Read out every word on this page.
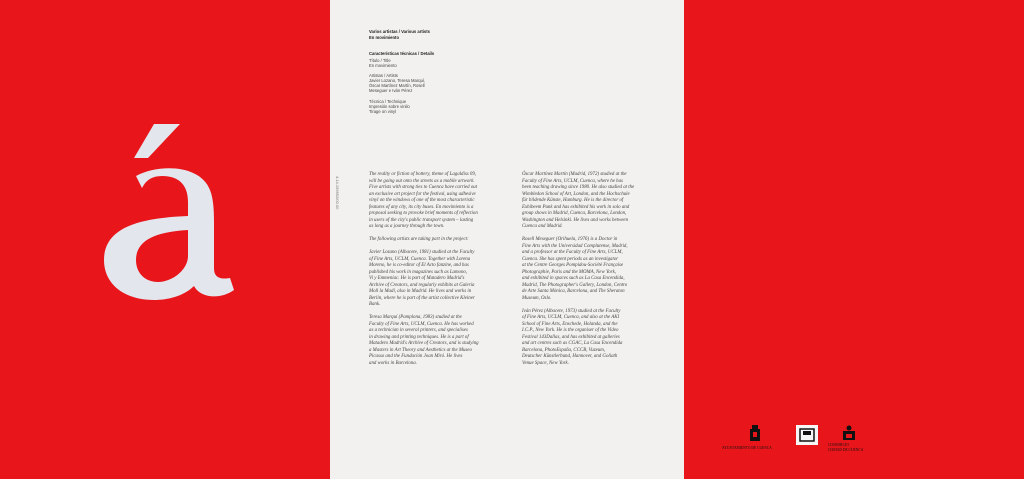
Varios artistas / Various artists
En movimiento
Características técnicas / Details
Título / Title
En movimiento
Artistas / Artists
Javier Lozano, Teresa Marquí,
Óscar Martínez Martín, Rosell
Meseguer e Iván Pérez
Técnica / Technique
Impresión sobre vinilo
Tirage on vinyl
The reality or fiction of bottery, theme of Lagaldiss 09,
will be going out onto the streets as a mobile artwork.
Five artists with strong ties to Cuenca have carried out
an exclusive art project for the festival, using adhesive
vinyl on the windows of one of the most characteristic
features of any city, its city buses. En movimiento is a
proposal seeking to provoke brief moments of reflection
in users of the city's public transport system – lasting
as long as a journey through the town.
The following artists are taking part in the project:
Javier Lozano (Albacete, 1981) studied at the Faculty
of Fine Arts, UCLM, Cuenca. Together with Lorena
Moreno, he is co-editor of El Acto fanzine, and has
published his work in magazines such as Lamono,
Vi y Emmeniac. He is part of Matadero Madrid's
Archive of Creators, and regularly exhibits at Galería
Moll la Madi, also in Madrid. He lives and works in
Berlin, where he is part of the artist collective Kleiner
Bank.
Teresa Marquí (Pamplona, 1983) studied at the
Faculty of Fine Arts, UCLM, Cuenca. He has worked
as a technician in several printers, and specialises
in drawing and printing techniques. He is a part of
Matadero Madrid's Archive of Creators, and is studying
a Masters in Art Theory and Aesthetics at the Museo
Picasso and the Fundación Joan Miró. He lives
and works in Barcelona.
Óscar Martínez Martín (Madrid, 1972) studied at the
Faculty of Fine Arts, UCLM, Cuenca, where he has
been teaching drawing since 1980. He also studied at the
Wimbledon School of Art, London, and the Hochschule
für bildende Künste, Hamburg. He is the director of
Exhibeem Punk and has exhibited his work in solo and
group shows in Madrid, Cuenca, Barcelona, London,
Washington and Helsinki. He lives and works between
Cuenca and Madrid.
Rosell Meseguer (Orihuela, 1976) is a Doctor in
Fine Arts with the Universidad Complutense, Madrid,
and a professor at the Faculty of Fine Arts, UCLM,
Cuenca. She has spent periods as an investigator
at the Centre Georges Pompidou-Société Française
Photographie, Paris and the MOMA, New York,
and exhibited in spaces such as La Casa Encendida,
Madrid, The Photographer's Gallery, London, Centro
de Arte Santa Mónica, Barcelona, and The Sheraton
Museum, Oslo.
Iván Pérez (Albacete, 1973) studied at the Faculty
of Fine Arts, UCLM, Cuenca, and also at the AKI
School of Fine Arts, Enschede, Holanda, and the
I.C.P., New York. He is the organiser of the Video
Festival 143Dallas, and has exhibited at galleries
and art centres such as CGAC, La Casa Encendida
Barcelona, PhotoEspaña, CCCB, Vuzeum,
Deutscher Künstlerbund, Hannover, and Goliath
Venue Space, New York.
4.14.199992/00.00
AYUNTAMIENTO DE CUENCA
CONSORCIO
CIUDAD DE CUENCA
